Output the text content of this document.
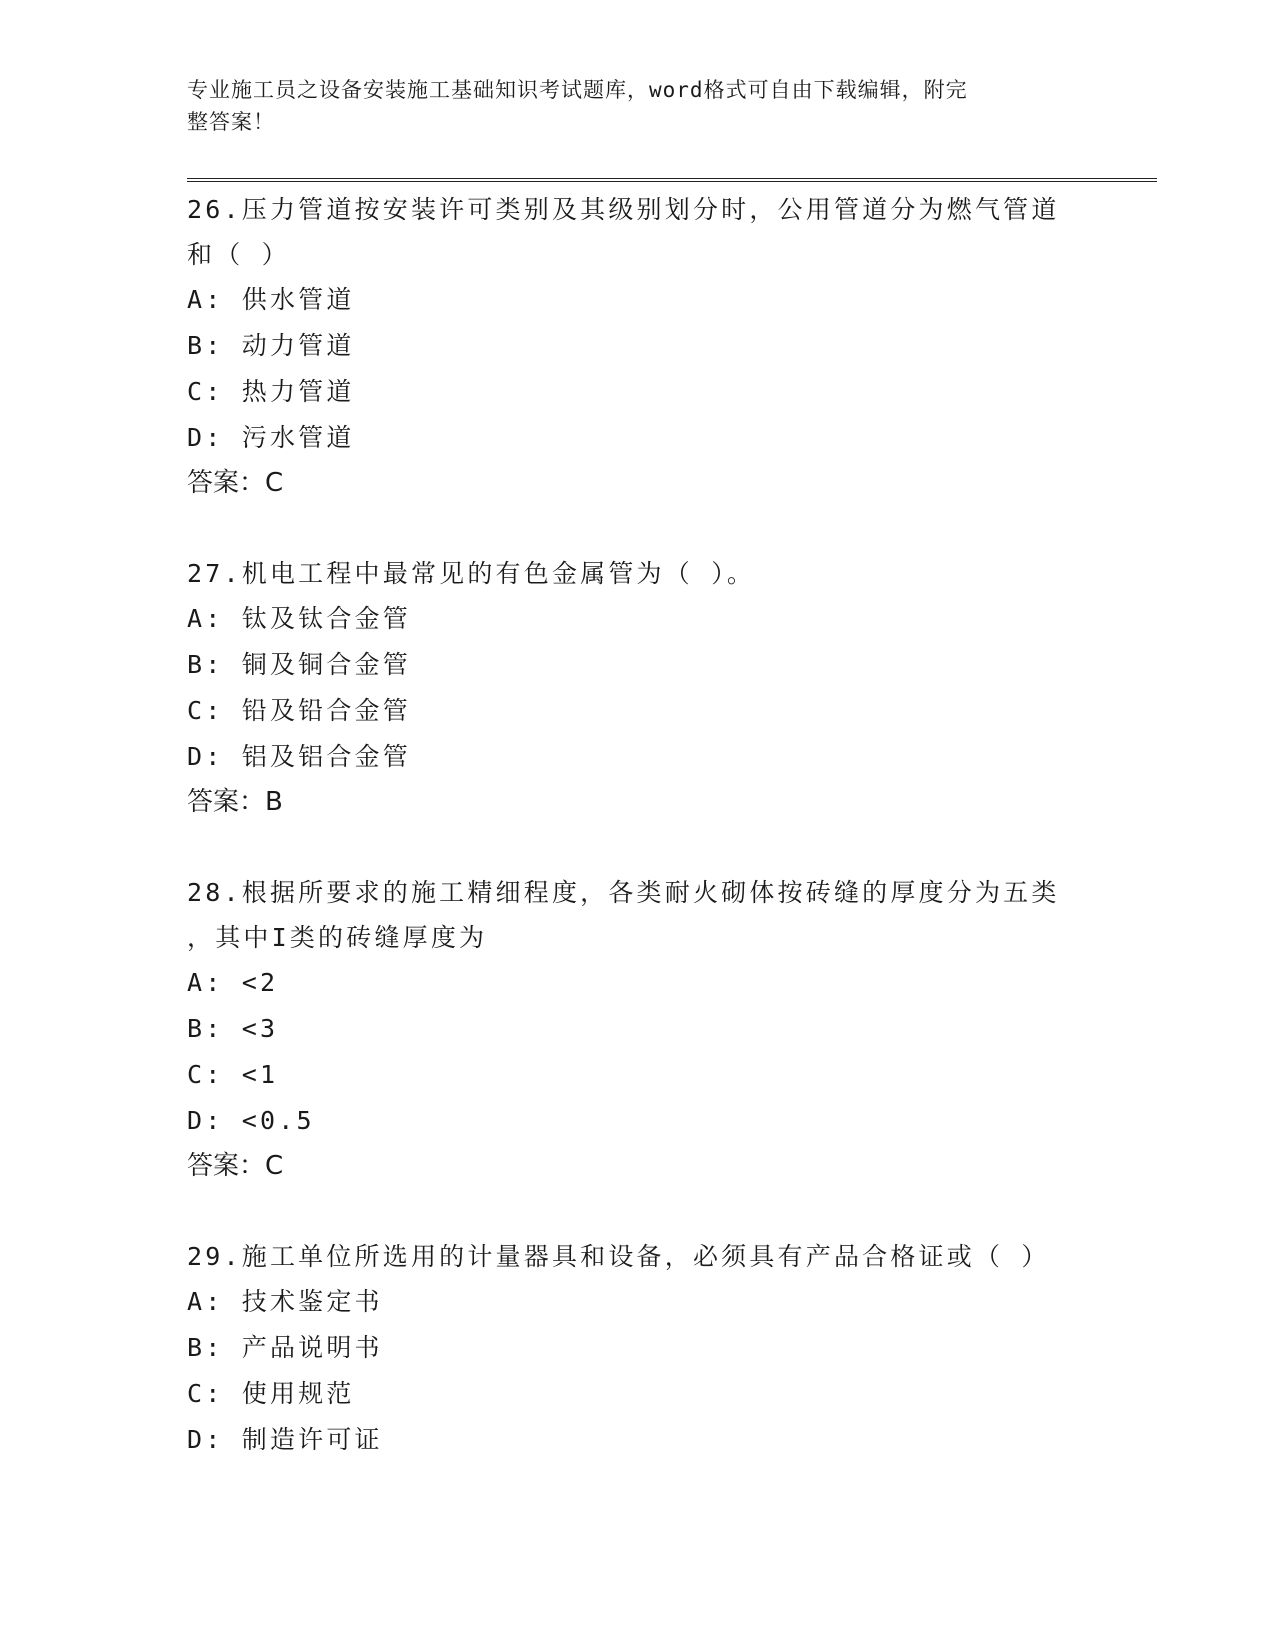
专业施工员之设备安装施工基础知识考试题库，word格式可自由下载编辑，附完
整答案！

26.压力管道按安装许可类别及其级别划分时，公用管道分为燃气管道

和（ ）

A: 供水管道

B: 动力管道

C: 热力管道

D: 污水管道

答案：C

27.机电工程中最常见的有色金属管为（ ）。

A: 钛及钛合金管

B: 铜及铜合金管

C: 铅及铅合金管

D: 铝及铝合金管

答案：B

28.根据所要求的施工精细程度，各类耐火砌体按砖缝的厚度分为五类

，其中I类的砖缝厚度为

A: <2

B: <3

C: <1

D: <0.5

答案：C

29.施工单位所选用的计量器具和设备，必须具有产品合格证或（ ）

A: 技术鉴定书

B: 产品说明书

C: 使用规范

D: 制造许可证
